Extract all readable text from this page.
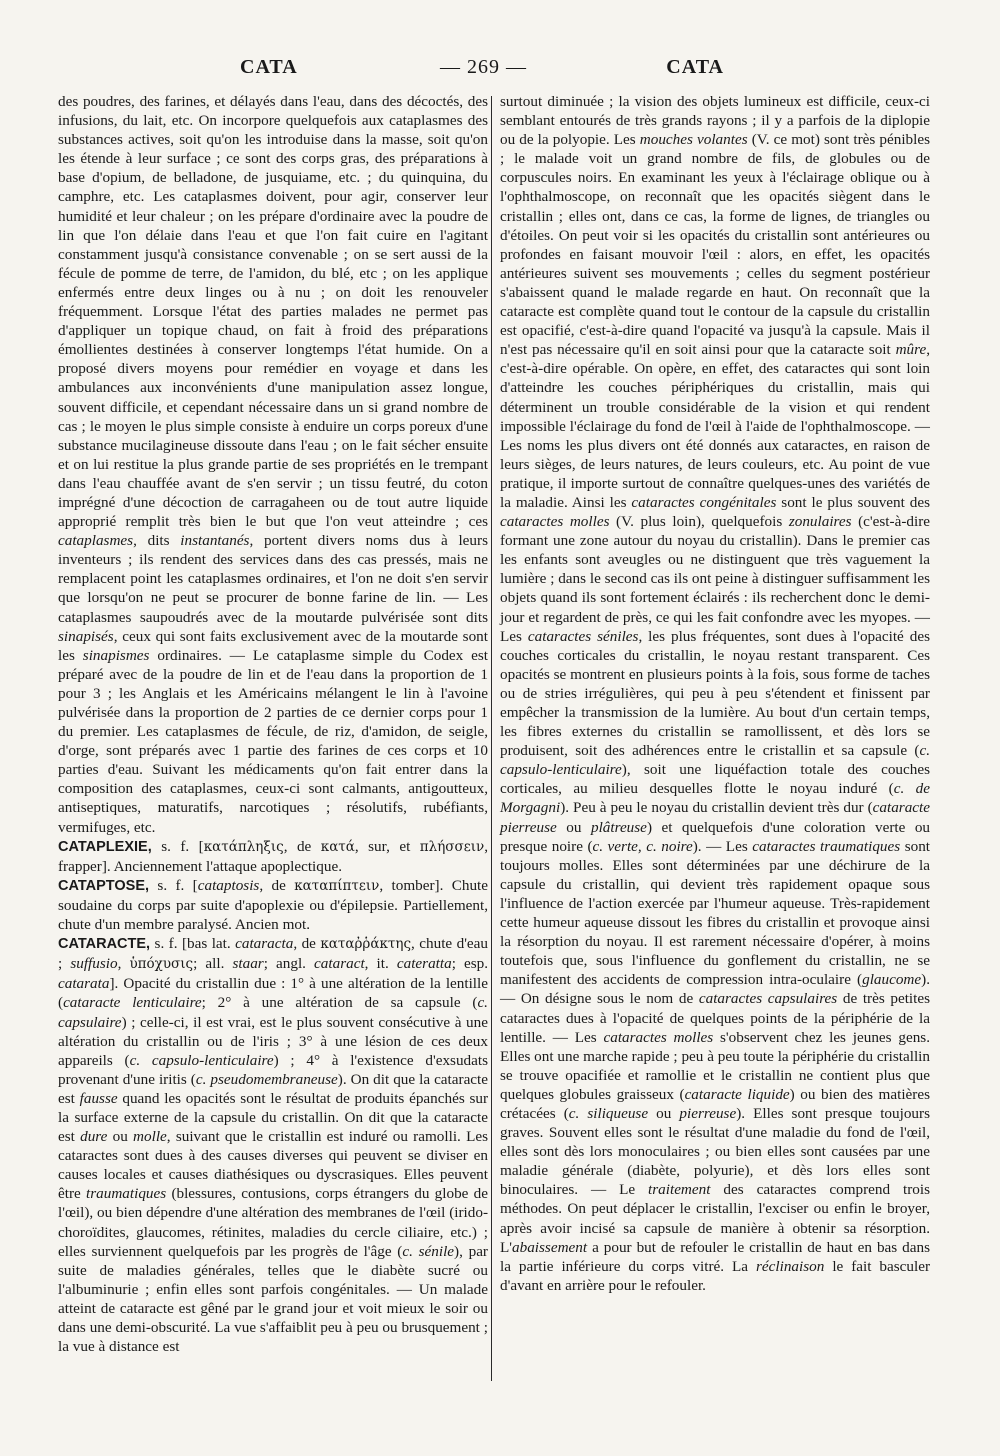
CATA	— 269 —	CATA

des poudres, des farines, et délayés dans l'eau, dans des décoctés, des infusions, du lait, etc. On incorpore quelquefois aux cataplasmes des substances actives, soit qu'on les introduise dans la masse, soit qu'on les étende à leur surface ; ce sont des corps gras, des préparations à base d'opium, de belladone, de jusquiame, etc. ; du quinquina, du camphre, etc. Les cataplasmes doivent, pour agir, conserver leur humidité et leur chaleur ; on les prépare d'ordinaire avec la poudre de lin que l'on délaie dans l'eau et que l'on fait cuire en l'agitant constamment jusqu'à consistance convenable ; on se sert aussi de la fécule de pomme de terre, de l'amidon, du blé, etc ; on les applique enfermés entre deux linges ou à nu ; on doit les renouveler fréquemment. Lorsque l'état des parties malades ne permet pas d'appliquer un topique chaud, on fait à froid des préparations émollientes destinées à conserver longtemps l'état humide. On a proposé divers moyens pour remédier en voyage et dans les ambulances aux inconvénients d'une manipulation assez longue, souvent difficile, et cependant nécessaire dans un si grand nombre de cas ; le moyen le plus simple consiste à enduire un corps poreux d'une substance mucilagineuse dissoute dans l'eau ; on le fait sécher ensuite et on lui restitue la plus grande partie de ses propriétés en le trempant dans l'eau chauffée avant de s'en servir ; un tissu feutré, du coton imprégné d'une décoction de carragaheen ou de tout autre liquide approprié remplit très bien le but que l'on veut atteindre ; ces cataplasmes, dits instantanés, portent divers noms dus à leurs inventeurs ; ils rendent des services dans des cas pressés, mais ne remplacent point les cataplasmes ordinaires, et l'on ne doit s'en servir que lorsqu'on ne peut se procurer de bonne farine de lin. — Les cataplasmes saupoudrés avec de la moutarde pulvérisée sont dits sinapisés, ceux qui sont faits exclusivement avec de la moutarde sont les sinapismes ordinaires. — Le cataplasme simple du Codex est préparé avec de la poudre de lin et de l'eau dans la proportion de 1 pour 3 ; les Anglais et les Américains mélangent le lin à l'avoine pulvérisée dans la proportion de 2 parties de ce dernier corps pour 1 du premier. Les cataplasmes de fécule, de riz, d'amidon, de seigle, d'orge, sont préparés avec 1 partie des farines de ces corps et 10 parties d'eau. Suivant les médicaments qu'on fait entrer dans la composition des cataplasmes, ceux-ci sont calmants, antigoutteux, antiseptiques, maturatifs, narcotiques ; résolutifs, rubéfiants, vermifuges, etc.

CATAPLEXIE, s. f. [κατάπληξις, de κατά, sur, et πλήσσειν, frapper]. Anciennement l'attaque apoplectique.

CATAPTOSE, s. f. [cataptosis, de καταπίπτειν, tomber]. Chute soudaine du corps par suite d'apoplexie ou d'épilepsie. Partiellement, chute d'un membre paralysé. Ancien mot.

CATARACTE, s. f. [bas lat. cataracta, de καταῤῥάκτης, chute d'eau ; suffusio, ὑπόχυσις; all. staar; angl. cataract, it. cateratta; esp. catarata]. Opacité du cristallin due : 1° à une altération de la lentille (cataracte lenticulaire; 2° à une altération de sa capsule (c. capsulaire) ; celle-ci, il est vrai, est le plus souvent consécutive à une altération du cristallin ou de l'iris ; 3° à une lésion de ces deux appareils (c. capsulo-lenticulaire) ; 4° à l'existence d'exsudats provenant d'une iritis (c. pseudomembraneuse). On dit que la cataracte est fausse quand les opacités sont le résultat de produits épanchés sur la surface externe de la capsule du cristallin. On dit que la cataracte est dure ou molle, suivant que le cristallin est induré ou ramolli. Les cataractes sont dues à des causes diverses qui peuvent se diviser en causes locales et causes diathésiques ou dyscrasiques. Elles peuvent être traumatiques (blessures, contusions, corps étrangers du globe de l'œil), ou bien dépendre d'une altération des membranes de l'œil (irido-choroïdites, glaucomes, rétinites, maladies du cercle ciliaire, etc.) ; elles surviennent quelquefois par les progrès de l'âge (c. sénile), par suite de maladies générales, telles que le diabète sucré ou l'albuminurie ; enfin elles sont parfois congénitales. — Un malade atteint de cataracte est gêné par le grand jour et voit mieux le soir ou dans une demi-obscurité. La vue s'affaiblit peu à peu ou brusquement ; la vue à distance est

surtout diminuée ; la vision des objets lumineux est difficile, ceux-ci semblant entourés de très grands rayons ; il y a parfois de la diplopie ou de la polyopie. Les mouches volantes (V. ce mot) sont très pénibles ; le malade voit un grand nombre de fils, de globules ou de corpuscules noirs. En examinant les yeux à l'éclairage oblique ou à l'ophthalmoscope, on reconnaît que les opacités siègent dans le cristallin ; elles ont, dans ce cas, la forme de lignes, de triangles ou d'étoiles. On peut voir si les opacités du cristallin sont antérieures ou profondes en faisant mouvoir l'œil : alors, en effet, les opacités antérieures suivent ses mouvements ; celles du segment postérieur s'abaissent quand le malade regarde en haut. On reconnaît que la cataracte est complète quand tout le contour de la capsule du cristallin est opacifié, c'est-à-dire quand l'opacité va jusqu'à la capsule. Mais il n'est pas nécessaire qu'il en soit ainsi pour que la cataracte soit mûre, c'est-à-dire opérable. On opère, en effet, des cataractes qui sont loin d'atteindre les couches périphériques du cristallin, mais qui déterminent un trouble considérable de la vision et qui rendent impossible l'éclairage du fond de l'œil à l'aide de l'ophthalmoscope. — Les noms les plus divers ont été donnés aux cataractes, en raison de leurs sièges, de leurs natures, de leurs couleurs, etc. Au point de vue pratique, il importe surtout de connaître quelques-unes des variétés de la maladie. Ainsi les cataractes congénitales sont le plus souvent des cataractes molles (V. plus loin), quelquefois zonulaires (c'est-à-dire formant une zone autour du noyau du cristallin). Dans le premier cas les enfants sont aveugles ou ne distinguent que très vaguement la lumière ; dans le second cas ils ont peine à distinguer suffisamment les objets quand ils sont fortement éclairés : ils recherchent donc le demi-jour et regardent de près, ce qui les fait confondre avec les myopes. — Les cataractes séniles, les plus fréquentes, sont dues à l'opacité des couches corticales du cristallin, le noyau restant transparent. Ces opacités se montrent en plusieurs points à la fois, sous forme de taches ou de stries irrégulières, qui peu à peu s'étendent et finissent par empêcher la transmission de la lumière. Au bout d'un certain temps, les fibres externes du cristallin se ramollissent, et dès lors se produisent, soit des adhérences entre le cristallin et sa capsule (c. capsulo-lenticulaire), soit une liquéfaction totale des couches corticales, au milieu desquelles flotte le noyau induré (c. de Morgagni). Peu à peu le noyau du cristallin devient très dur (cataracte pierreuse ou plâtreuse) et quelquefois d'une coloration verte ou presque noire (c. verte, c. noire). — Les cataractes traumatiques sont toujours molles. Elles sont déterminées par une déchirure de la capsule du cristallin, qui devient très rapidement opaque sous l'influence de l'action exercée par l'humeur aqueuse. Très-rapidement cette humeur aqueuse dissout les fibres du cristallin et provoque ainsi la résorption du noyau. Il est rarement nécessaire d'opérer, à moins toutefois que, sous l'influence du gonflement du cristallin, ne se manifestent des accidents de compression intra-oculaire (glaucome). — On désigne sous le nom de cataractes capsulaires de très petites cataractes dues à l'opacité de quelques points de la périphérie de la lentille. — Les cataractes molles s'observent chez les jeunes gens. Elles ont une marche rapide ; peu à peu toute la périphérie du cristallin se trouve opacifiée et ramollie et le cristallin ne contient plus que quelques globules graisseux (cataracte liquide) ou bien des matières crétacées (c. siliqueuse ou pierreuse). Elles sont presque toujours graves. Souvent elles sont le résultat d'une maladie du fond de l'œil, elles sont dès lors monoculaires ; ou bien elles sont causées par une maladie générale (diabète, polyurie), et dès lors elles sont binoculaires. — Le traitement des cataractes comprend trois méthodes. On peut déplacer le cristallin, l'exciser ou enfin le broyer, après avoir incisé sa capsule de manière à obtenir sa résorption. L'abaissement a pour but de refouler le cristallin de haut en bas dans la partie inférieure du corps vitré. La réclinaison le fait basculer d'avant en arrière pour le refouler.
